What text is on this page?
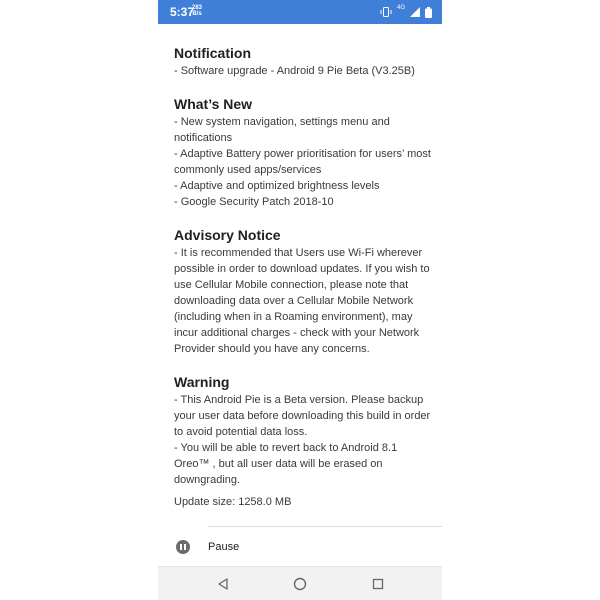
5:37
283
B/s
4G
Notification

- Software upgrade - Android 9 Pie Beta (V3.25B)

What’s New

- New system navigation, settings menu and notifications

- Adaptive Battery power prioritisation for users’ most commonly used apps/services

- Adaptive and optimized brightness levels

- Google Security Patch 2018-10

Advisory Notice

- It is recommended that Users use Wi-Fi wherever possible in order to download updates. If you wish to use Cellular Mobile connection, please note that downloading data over a Cellular Mobile Network (including when in a Roaming environment), may incur additional charges - check with your Network Provider should you have any concerns.

Warning

- This Android Pie is a Beta version. Please backup your user data before downloading this build in order to avoid potential data loss.

- You will be able to revert back to Android 8.1 Oreo™ , but all user data will be erased on downgrading.

Update size: 1258.0 MB
Pause
